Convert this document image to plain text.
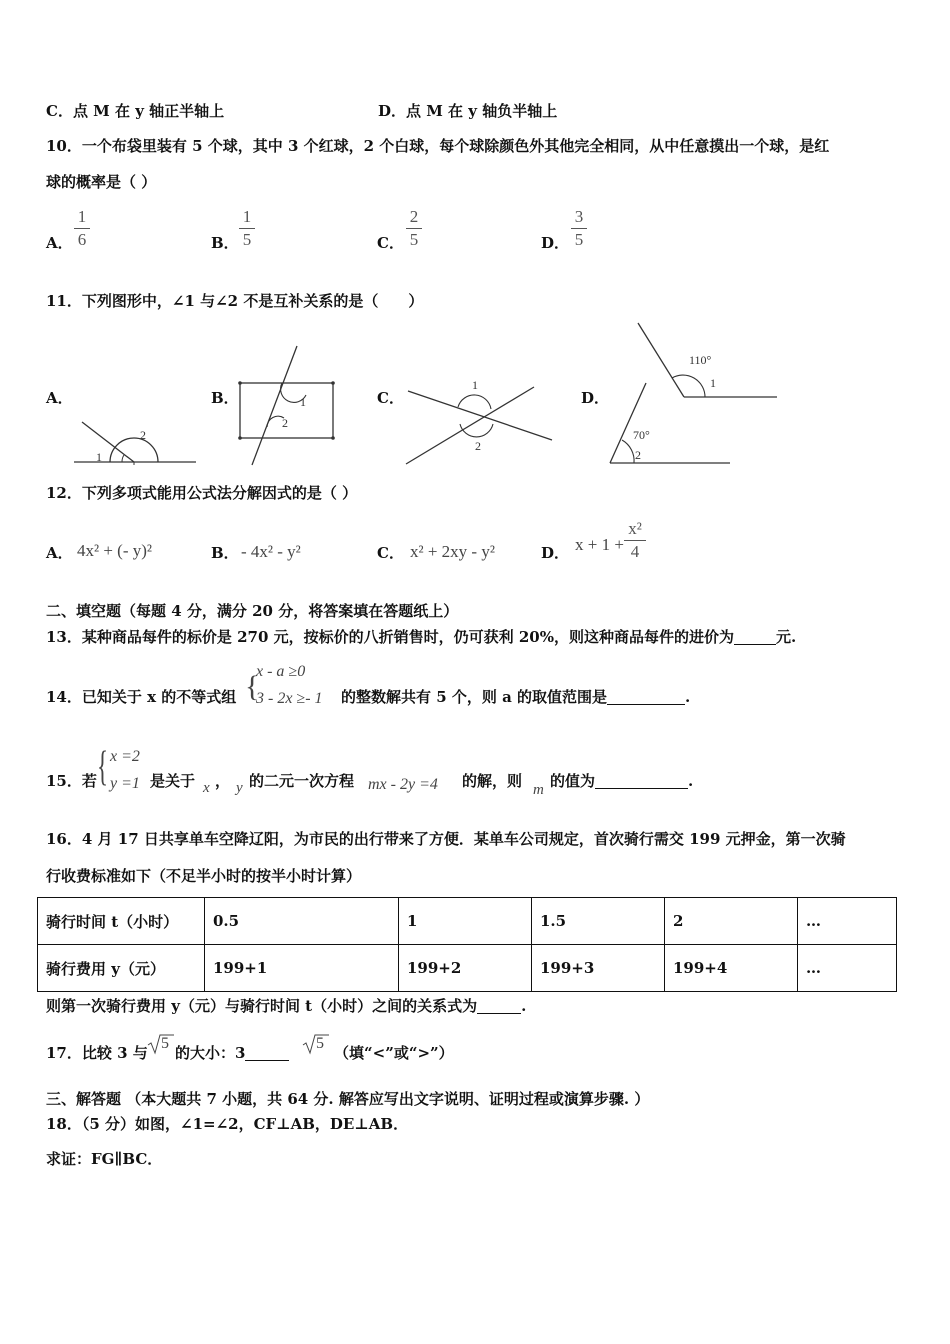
C．点 M 在 y 轴正半轴上	D．点 M 在 y 轴负半轴上
10．一个布袋里装有 5 个球，其中 3 个红球，2 个白球，每个球除颜色外其他完全相同，从中任意摸出一个球，是红
球的概率是（ ）
A．
1
6	B．
1
5	C．
2
5	D．
3
5
11．下列图形中，∠1 与∠2 不是互补关系的是（　　）
A．	B．	C．	D．
1
2
1
2
1
2
110°
1
70°
2
12．下列多项式能用公式法分解因式的是（ ）
A． 4x² + (- y)²	B． - 4x² - y²	C． x² + 2xy - y²	D． x + 1 +
x²
4
二、填空题（每题 4 分，满分 20 分，将答案填在答题纸上）
13．某种商品每件的标价是 270 元，按标价的八折销售时，仍可获利 20%，则这种商品每件的进价为	元.
14．已知关于 x 的不等式组 {
x - a ≥0
3 - 2x ≥- 1 的整数解共有 5 个，则 a 的取值范围是	.
15．若 { x =2
y =1 是关于 x ， y 的二元一次方程 mx - 2y =4 的解，则 m 的值为	.
16．4 月 17 日共享单车空降辽阳，为市民的出行带来了方便．某单车公司规定，首次骑行需交 199 元押金，第一次骑
行收费标准如下（不足半小时的按半小时计算）
骑行时间 t（小时）	0.5	1	1.5	2	…
骑行费用 y（元）	199+1	199+2	199+3	199+4	…
则第一次骑行费用 y（元）与骑行时间 t（小时）之间的关系式为	.
17．比较 3 与
5
的大小：3
5
（填“<”或“>”）
三、解答题 （本大题共 7 小题，共 64 分. 解答应写出文字说明、证明过程或演算步骤. ）
18．（5 分）如图，∠1=∠2，CF⊥AB，DE⊥AB．
求证：FG∥BC．
